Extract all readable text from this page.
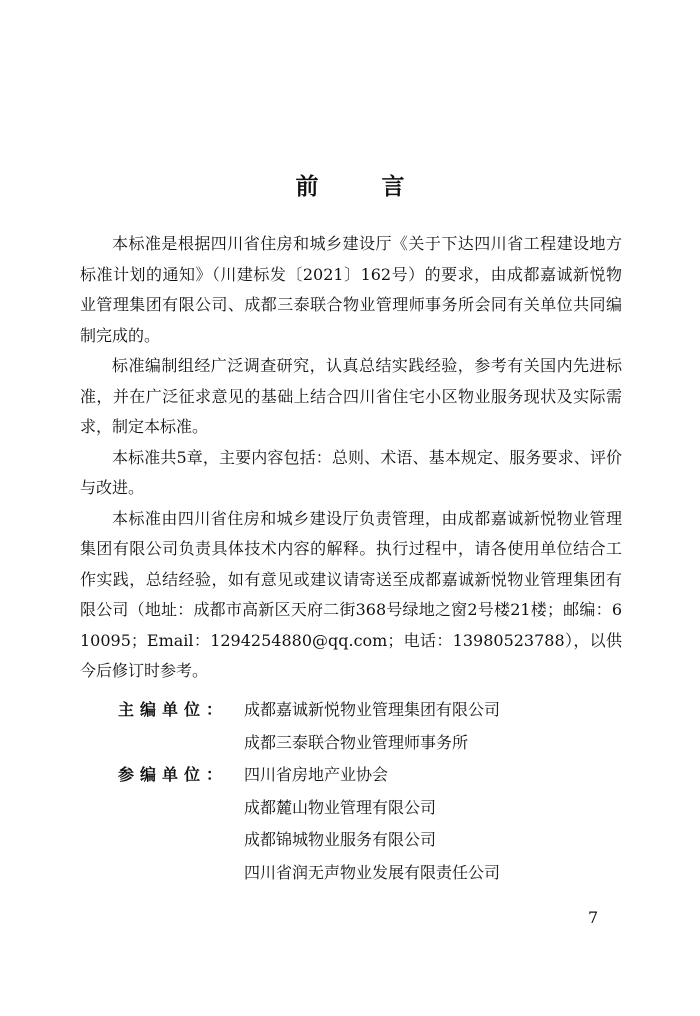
前　言

本标准是根据四川省住房和城乡建设厅《关于下达四川省工程建设地方标准计划的通知》（川建标发〔2021〕162号）的要求，由成都嘉诚新悦物业管理集团有限公司、成都三泰联合物业管理师事务所会同有关单位共同编制完成的。

标准编制组经广泛调查研究，认真总结实践经验，参考有关国内先进标准，并在广泛征求意见的基础上结合四川省住宅小区物业服务现状及实际需求，制定本标准。

本标准共5章，主要内容包括：总则、术语、基本规定、服务要求、评价与改进。

本标准由四川省住房和城乡建设厅负责管理，由成都嘉诚新悦物业管理集团有限公司负责具体技术内容的解释。执行过程中，请各使用单位结合工作实践，总结经验，如有意见或建议请寄送至成都嘉诚新悦物业管理集团有限公司（地址：成都市高新区天府二街368号绿地之窗2号楼21楼；邮编：610095；Email：1294254880@qq.com；电话：13980523788），以供今后修订时参考。

主编单位： 成都嘉诚新悦物业管理集团有限公司
成都三泰联合物业管理师事务所
参编单位： 四川省房地产业协会
成都麓山物业管理有限公司
成都锦城物业服务有限公司
四川省润无声物业发展有限责任公司
7
